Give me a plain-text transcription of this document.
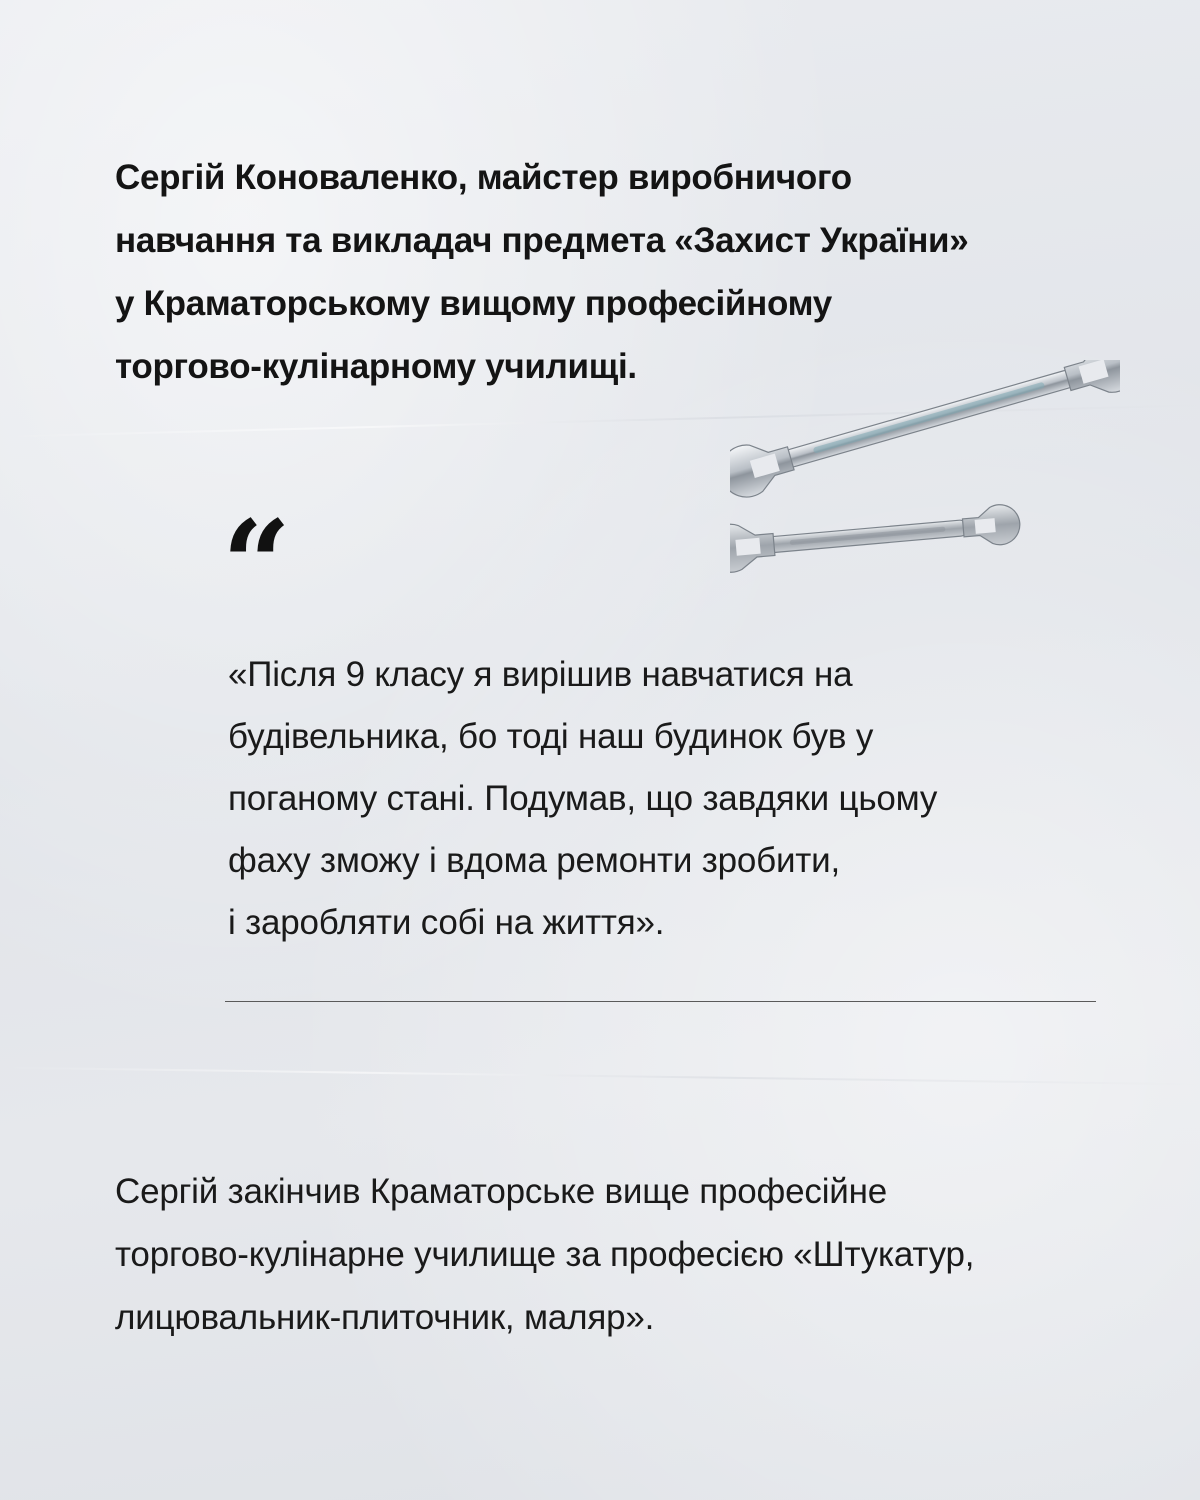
Сергій Коноваленко, майстер виробничого
навчання та викладач предмета «Захист України»
у Краматорському вищому професійному
торгово-кулінарному училищі.

“

«Після 9 класу я вирішив навчатися на
будівельника, бо тоді наш будинок був у
поганому стані. Подумав, що завдяки цьому
фаху зможу і вдома ремонти зробити,
і заробляти собі на життя».

Сергій закінчив Краматорське вище професійне
торгово-кулінарне училище за професією «Штукатур,
лицювальник-плиточник, маляр».
